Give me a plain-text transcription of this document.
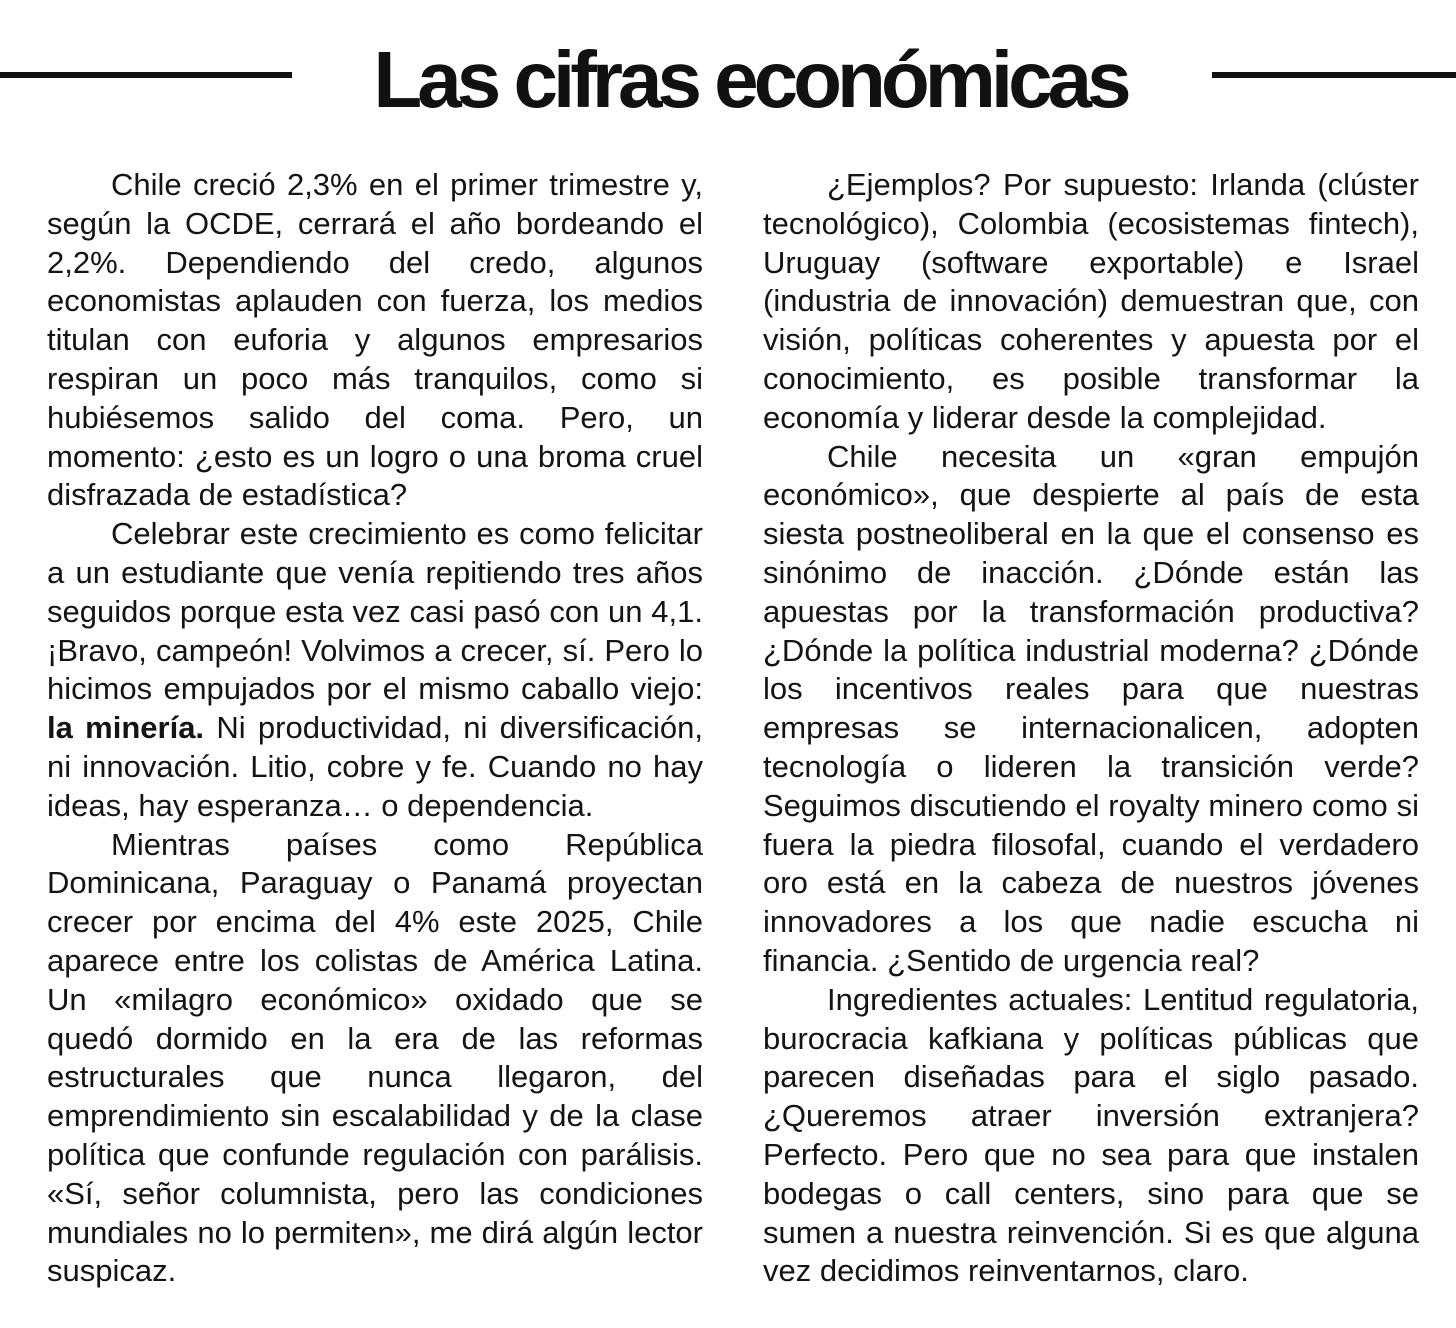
Las cifras económicas

Chile creció 2,3% en el primer trimestre y, según la OCDE, cerrará el año bordeando el 2,2%. Dependiendo del credo, algunos economistas aplauden con fuerza, los medios titulan con euforia y algunos empresarios respiran un poco más tranquilos, como si hubiésemos salido del coma. Pero, un momento: ¿esto es un logro o una broma cruel disfrazada de estadística?

Celebrar este crecimiento es como felicitar a un estudiante que venía repitiendo tres años seguidos porque esta vez casi pasó con un 4,1. ¡Bravo, campeón! Volvimos a crecer, sí. Pero lo hicimos empujados por el mismo caballo viejo: la minería. Ni productividad, ni diversificación, ni innovación. Litio, cobre y fe. Cuando no hay ideas, hay esperanza… o dependencia.

Mientras países como República Dominicana, Paraguay o Panamá proyectan crecer por encima del 4% este 2025, Chile aparece entre los colistas de América Latina. Un «milagro económico» oxidado que se quedó dormido en la era de las reformas estructurales que nunca llegaron, del emprendimiento sin escalabilidad y de la clase política que confunde regulación con parálisis. «Sí, señor columnista, pero las condiciones mundiales no lo permiten», me dirá algún lector suspicaz.

¿Ejemplos? Por supuesto: Irlanda (clúster tecnológico), Colombia (ecosistemas fintech), Uruguay (software exportable) e Israel (industria de innovación) demuestran que, con visión, políticas coherentes y apuesta por el conocimiento, es posible transformar la economía y liderar desde la complejidad.

Chile necesita un «gran empujón económico», que despierte al país de esta siesta postneoliberal en la que el consenso es sinónimo de inacción. ¿Dónde están las apuestas por la transformación productiva? ¿Dónde la política industrial moderna? ¿Dónde los incentivos reales para que nuestras empresas se internacionalicen, adopten tecnología o lideren la transición verde? Seguimos discutiendo el royalty minero como si fuera la piedra filosofal, cuando el verdadero oro está en la cabeza de nuestros jóvenes innovadores a los que nadie escucha ni financia. ¿Sentido de urgencia real?

Ingredientes actuales: Lentitud regulatoria, burocracia kafkiana y políticas públicas que parecen diseñadas para el siglo pasado. ¿Queremos atraer inversión extranjera? Perfecto. Pero que no sea para que instalen bodegas o call centers, sino para que se sumen a nuestra reinvención. Si es que alguna vez decidimos reinventarnos, claro.
